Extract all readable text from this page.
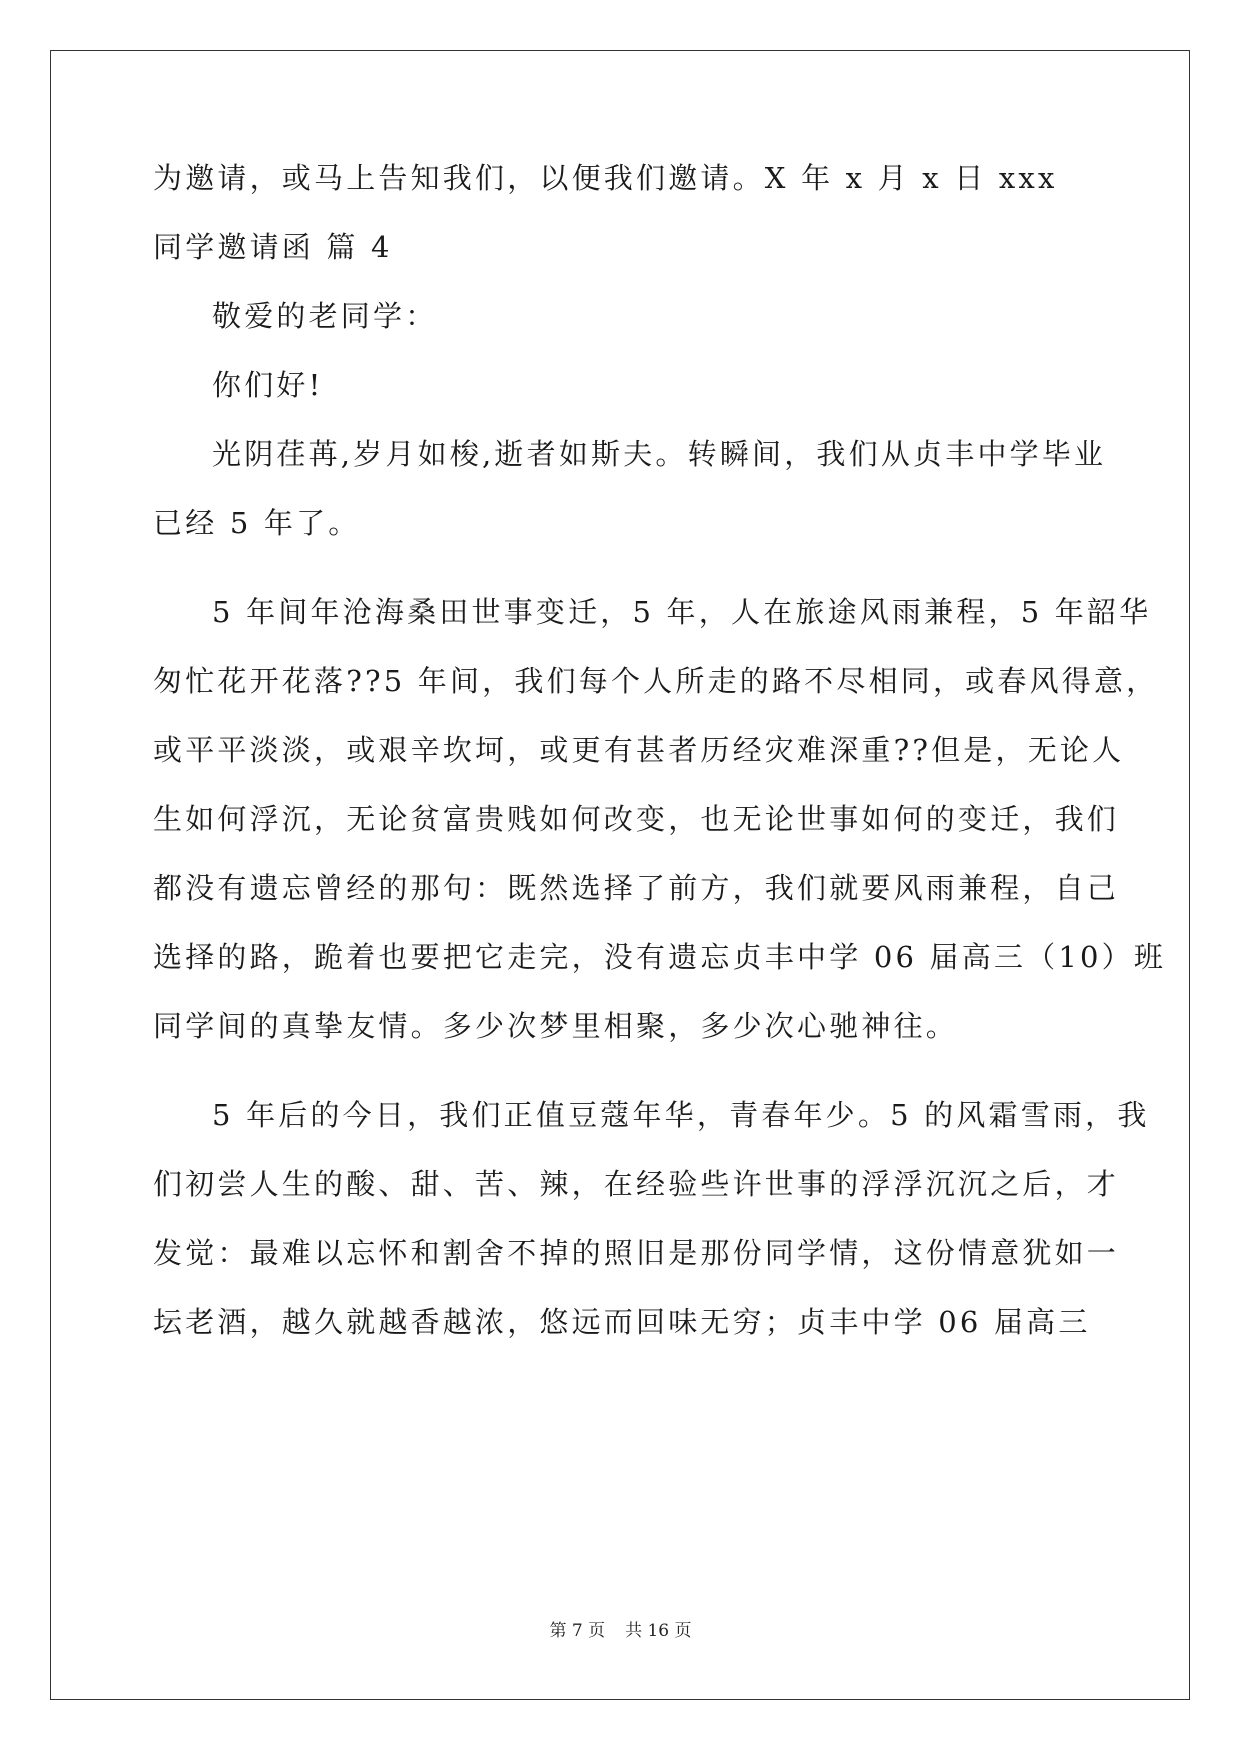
为邀请，或马上告知我们，以便我们邀请。X 年 x 月 x 日 xxx
同学邀请函 篇 4
敬爱的老同学：
你们好!
光阴荏苒,岁月如梭,逝者如斯夫。转瞬间，我们从贞丰中学毕业
已经 5 年了。
5 年间年沧海桑田世事变迁，5 年，人在旅途风雨兼程，5 年韶华
匆忙花开花落??5 年间，我们每个人所走的路不尽相同，或春风得意，
或平平淡淡，或艰辛坎坷，或更有甚者历经灾难深重??但是，无论人
生如何浮沉，无论贫富贵贱如何改变，也无论世事如何的变迁，我们
都没有遗忘曾经的那句：既然选择了前方，我们就要风雨兼程，自己
选择的路，跪着也要把它走完，没有遗忘贞丰中学 06 届高三（10）班
同学间的真挚友情。多少次梦里相聚，多少次心驰神往。
5 年后的今日，我们正值豆蔻年华，青春年少。5 的风霜雪雨，我
们初尝人生的酸、甜、苦、辣，在经验些许世事的浮浮沉沉之后，才
发觉：最难以忘怀和割舍不掉的照旧是那份同学情，这份情意犹如一
坛老酒，越久就越香越浓，悠远而回味无穷；贞丰中学 06 届高三
第 7 页 共 16 页
